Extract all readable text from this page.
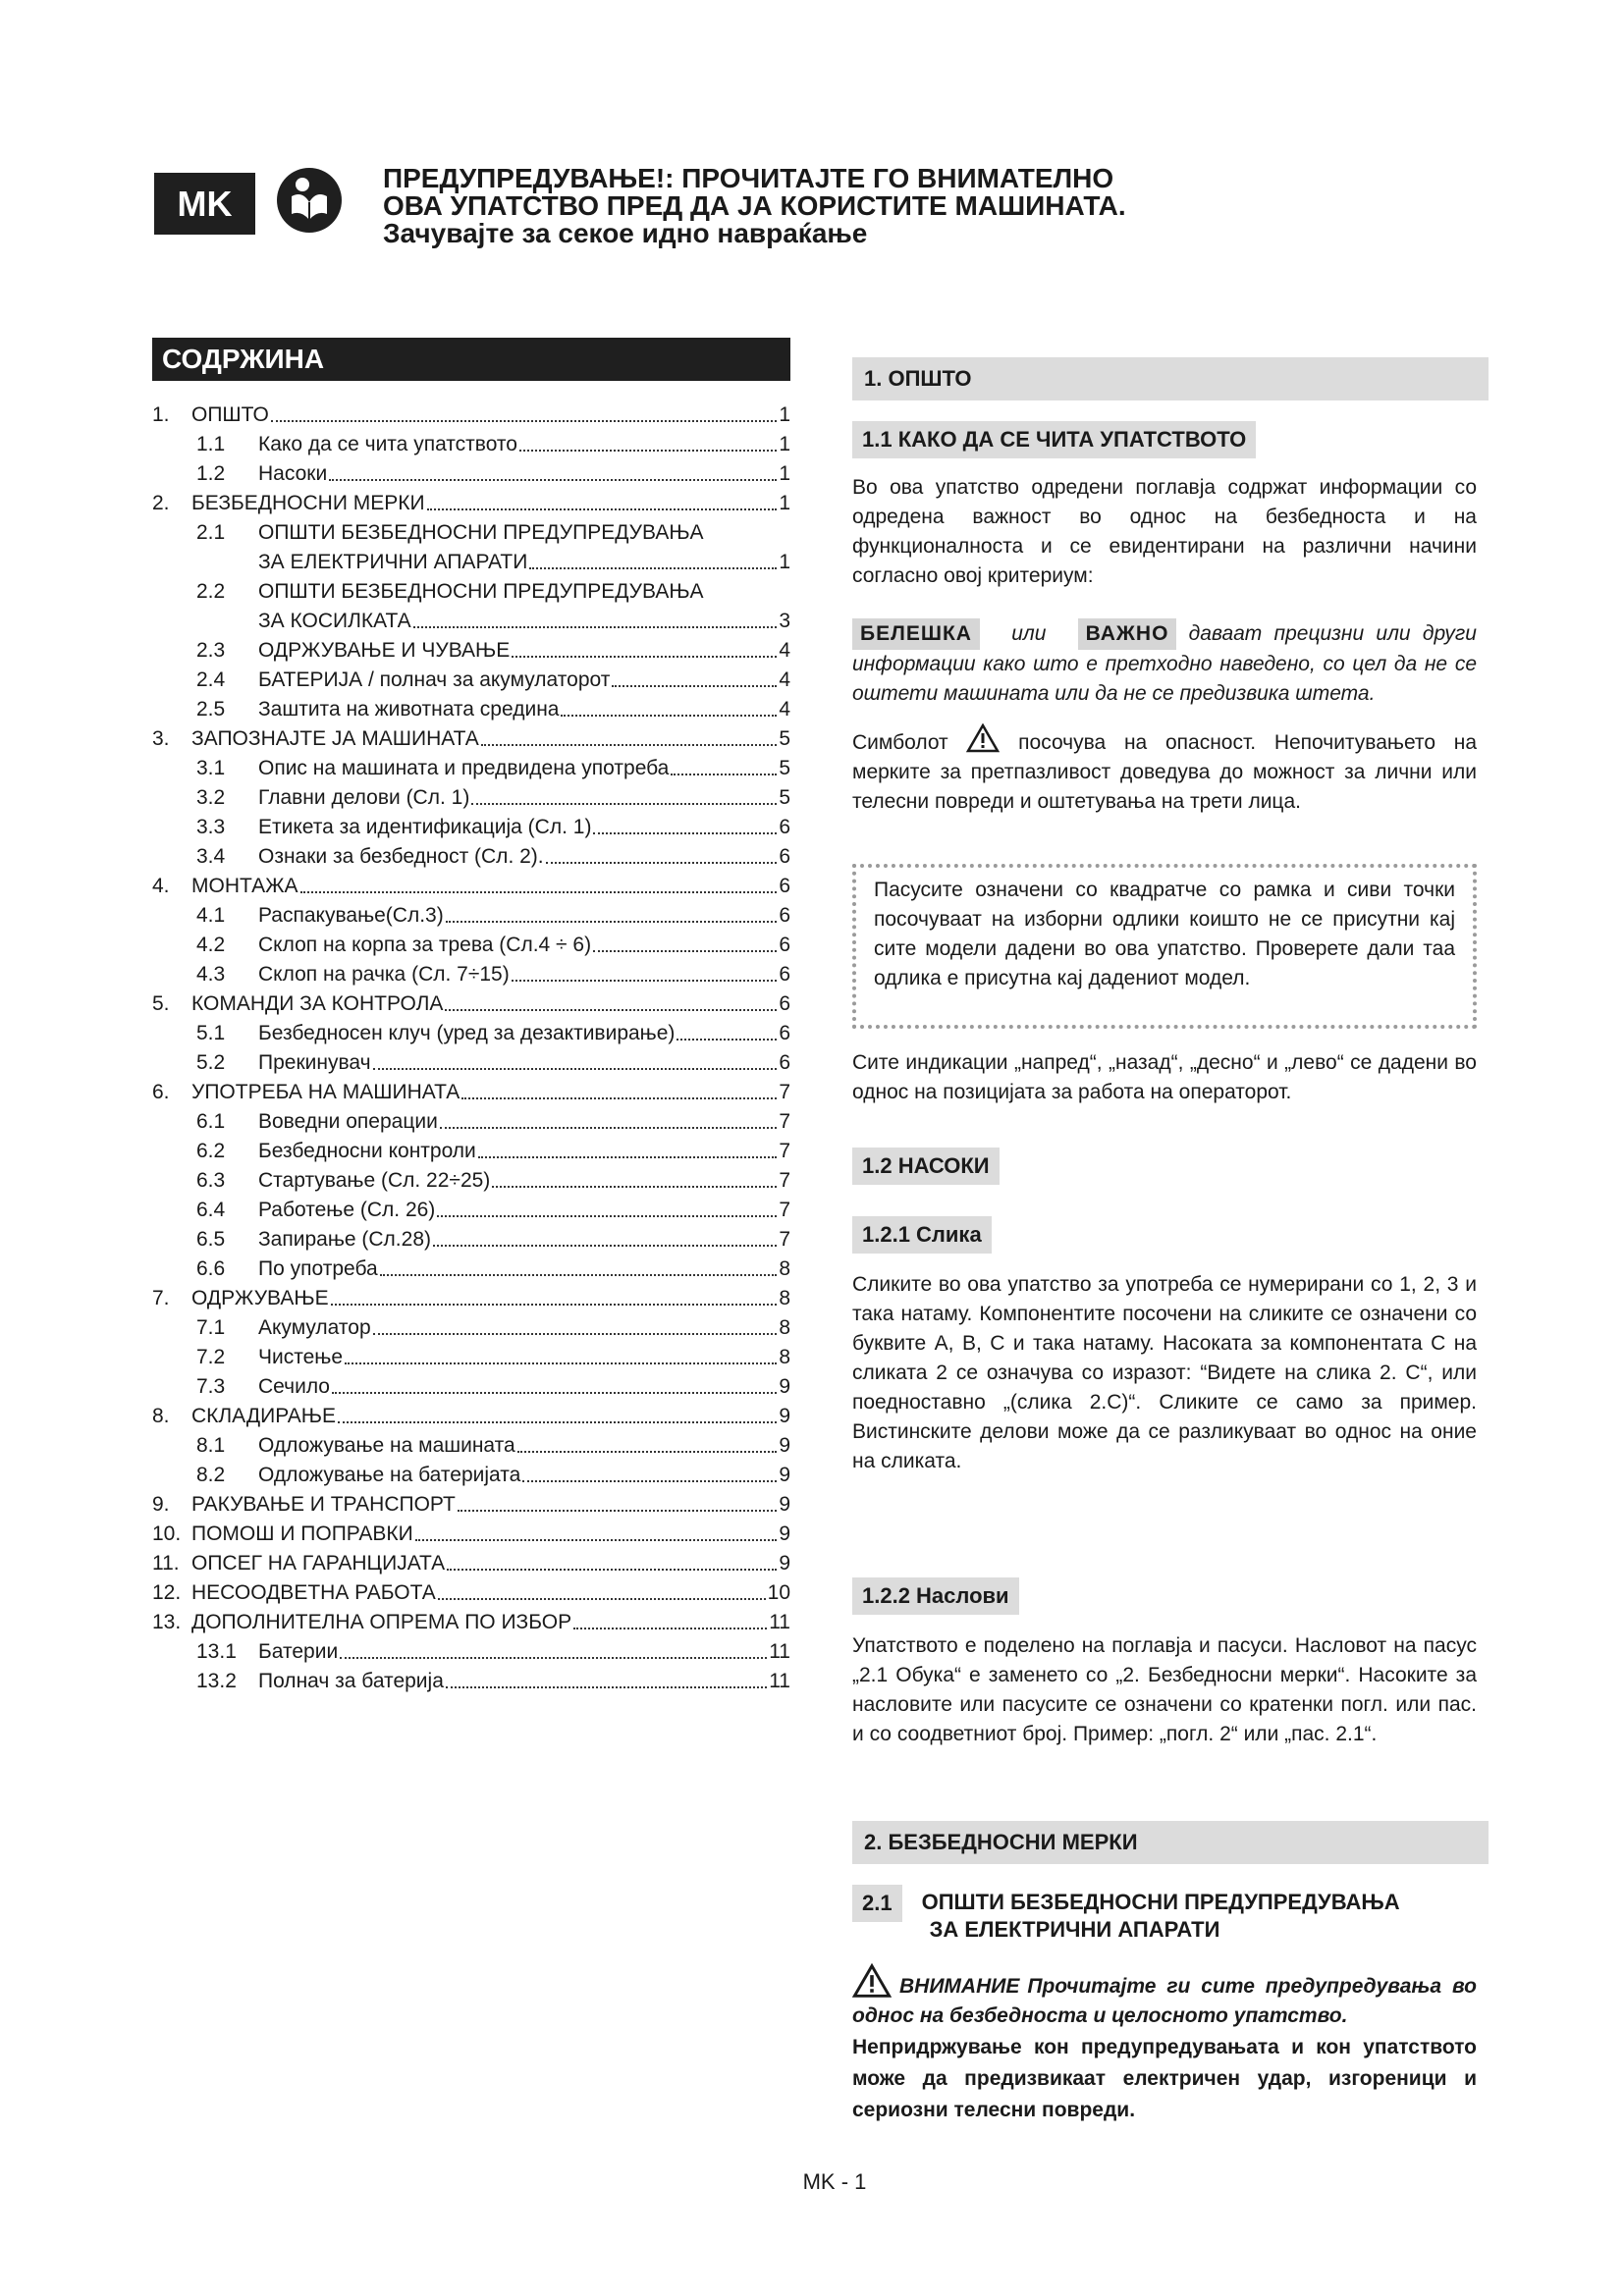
MK
ПРЕДУПРЕДУВАЊЕ!: ПРОЧИТАЈТЕ ГО ВНИМАТЕЛНО
ОВА УПАТСТВО ПРЕД ДА ЈА КОРИСТИТЕ МАШИНАТА.
Зачувајте за секое идно навраќање
СОДРЖИНА
1.	ОПШТО	1
1.1	Како да се чита упатството	1
1.2	Насоки	1
2.	БЕЗБЕДНОСНИ МЕРКИ	1
2.1	ОПШТИ БЕЗБЕДНОСНИ ПРЕДУПРЕДУВАЊА
ЗА ЕЛЕКТРИЧНИ АПАРАТИ	1
2.2	ОПШТИ БЕЗБЕДНОСНИ ПРЕДУПРЕДУВАЊА
ЗА КОСИЛКАТА	3
2.3	ОДРЖУВАЊЕ И ЧУВАЊЕ	4
2.4	БАТЕРИЈА / полнач за акумулаторот	4
2.5	Заштита на животната средина	4
3.	ЗАПОЗНАЈТЕ ЈА МАШИНАТА	5
3.1	Опис на машината и предвидена употреба	5
3.2	Главни делови (Сл. 1)	5
3.3	Етикета за идентификација (Сл. 1)	6
3.4	Ознаки за безбедност (Сл. 2).	6
4.	МОНТАЖА	6
4.1	Распакување(Сл.3)	6
4.2	Склоп на корпа за трева (Сл.4 ÷ 6)	6
4.3	Склоп на рачка (Сл. 7÷15)	6
5.	КОМАНДИ ЗА КОНТРОЛА	6
5.1	Безбедносен клуч (уред за дезактивирање)	6
5.2	Прекинувач	6
6.	УПОТРЕБА НА МАШИНАТА	7
6.1	Воведни операции	7
6.2	Безбедносни контроли	7
6.3	Стартување (Сл. 22÷25)	7
6.4	Работење (Сл. 26)	7
6.5	Запирање (Сл.28)	7
6.6	По употреба	8
7.	ОДРЖУВАЊЕ	8
7.1	Акумулатор	8
7.2	Чистење	8
7.3	Сечило	9
8.	СКЛАДИРАЊЕ	9
8.1	Одложување на машината	9
8.2	Одложување на батеријата	9
9.	РАКУВАЊЕ И ТРАНСПОРТ	9
10. ПОМОШ И ПОПРАВКИ	9
11. ОПСЕГ НА ГАРАНЦИЈАТА	9
12. НЕСООДВЕТНА РАБОТА	10
13. ДОПОЛНИТЕЛНА ОПРЕМА ПО ИЗБОР	11
13.1	Батерии	11
13.2	Полнач за батерија	11
1. ОПШТО
1.1 КАКО ДА СЕ ЧИТА УПАТСТВОТО
Во ова упатство одредени поглавја содржат информации со одредена важност во однос на безбедноста и на функционалноста и се евидентирани на различни начини согласно овој критериум:
БЕЛЕШКА или ВАЖНО даваат прецизни или други информации како што е претходно наведено, со цел да не се оштети машината или да не се предизвика штета.
Симболот	посочува на опасност. Непочитувањето на мерките за претпазливост доведува до можност за лични или телесни повреди и оштетувања на трети лица.
Пасусите означени со квадратче со рамка и сиви точки посочуваат на изборни одлики коишто не се присутни кај сите модели дадени во ова упатство. Проверете дали таа одлика е присутна кај дадениот модел.
Сите индикации „напред“, „назад“, „десно“ и „лево“ се дадени во однос на позицијата за работа на операторот.
1.2 НАСОКИ
1.2.1 Слика
Сликите во ова упатство за употреба се нумерирани со 1, 2, 3 и така натаму. Компонентите посочени на сликите се означени со буквите A, B, C и така натаму. Насоката за компонентата C на сликата 2 се означува со изразот: “Видете на слика 2. C“, или поедноставно „(слика 2.C)“. Сликите се само за пример. Вистинските делови може да се разликуваат во однос на оние на сликата.
1.2.2 Наслови
Упатството е поделено на поглавја и пасуси. Насловот на пасус „2.1 Обука“ е заменето со „2. Безбедносни мерки“. Насоките за насловите или пасусите се означени со кратенки погл. или пас. и со соодветниот број. Пример: „погл. 2“ или „пас. 2.1“.
2. БЕЗБЕДНОСНИ МЕРКИ
2.1	ОПШТИ БЕЗБЕДНОСНИ ПРЕДУПРЕДУВАЊА
ЗА ЕЛЕКТРИЧНИ АПАРАТИ
ВНИМАНИЕ Прочитајте ги сите предупредувања во однос на безбедноста и целосното упатство.
Непридржување кон предупредувањата и кон упатството може да предизвикаат електричен удар, изгореници и сериозни телесни повреди.
MK - 1
